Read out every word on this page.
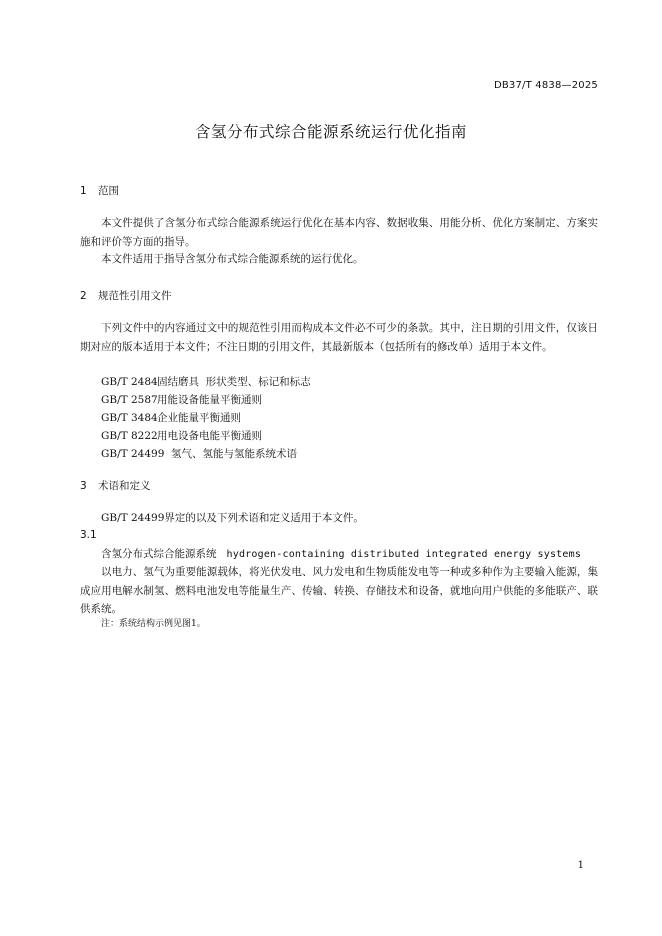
DB37/T 4838—2025
含氢分布式综合能源系统运行优化指南
1 范围
本文件提供了含氢分布式综合能源系统运行优化在基本内容、数据收集、用能分析、优化方案制定、方案实施和评价等方面的指导。
本文件适用于指导含氢分布式综合能源系统的运行优化。
2 规范性引用文件
下列文件中的内容通过文中的规范性引用而构成本文件必不可少的条款。其中，注日期的引用文件，仅该日期对应的版本适用于本文件；不注日期的引用文件，其最新版本（包括所有的修改单）适用于本文件。
GB/T 2484固结磨具  形状类型、标记和标志
GB/T 2587用能设备能量平衡通则
GB/T 3484企业能量平衡通则
GB/T 8222用电设备电能平衡通则
GB/T 24499 氢气、氢能与氢能系统术语
3 术语和定义
GB/T 24499界定的以及下列术语和定义适用于本文件。
3.1
含氢分布式综合能源系统 hydrogen-containing distributed integrated energy systems
以电力、氢气为重要能源载体，将光伏发电、风力发电和生物质能发电等一种或多种作为主要输入能源，集成应用电解水制氢、燃料电池发电等能量生产、传输、转换、存储技术和设备，就地向用户供能的多能联产、联供系统。
注：系统结构示例见图1。
1
